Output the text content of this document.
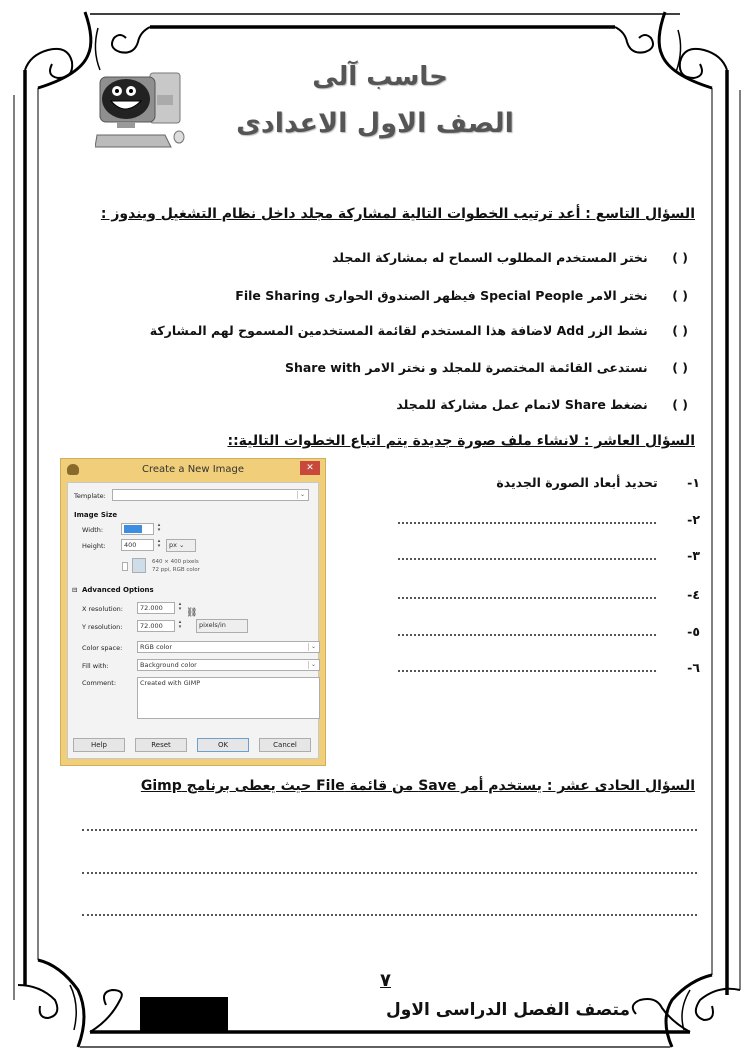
حاسب آلى
الصف الاول الاعدادى
السؤال التاسع : أعد ترتيب الخطوات التالية لمشاركة مجلد داخل نظام التشغيل ويندوز :
( ) نختر المستخدم المطلوب السماح له بمشاركة المجلد
( ) نختر الامر Special People فيظهر الصندوق الحوارى File Sharing
( ) نشط الزر Add لاضافة هذا المستخدم لقائمة المستخدمين المسموح لهم المشاركة
( ) نستدعى القائمة المختصرة للمجلد و نختر الامر Share with
( ) نضغط Share لاتمام عمل مشاركة للمجلد
السؤال العاشر : لانشاء ملف صورة جديدة يتم اتباع الخطوات التالية::
١- تحديد أبعاد الصورة الجديدة
٢-
٣-
٤-
٥-
٦-
Create a New Image	✕
Template:	⌄
Image Size
Width:	640	▴
▾
Height:	400	▴
▾	px ⌄
640 × 400 pixels
72 ppi, RGB color
⊟ Advanced Options
X resolution:	72.000	▴
▾
Y resolution:	72.000	▴
▾
⛓
pixels/in
Color space:	RGB color	⌄
Fill with:	Background color	⌄
Comment:	Created with GIMP
Help	Reset	OK	Cancel
السؤال الحادى عشر : يستخدم أمر Save من قائمة File حيث يعطى برنامج Gimp
٧
متصف الفصل الدراسى الاول
